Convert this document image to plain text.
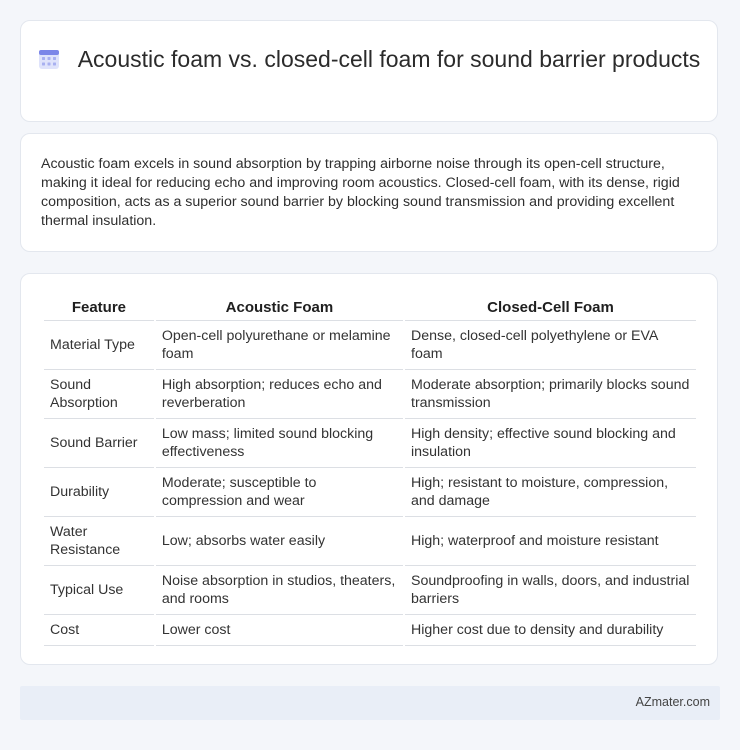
Acoustic foam vs. closed-cell foam for sound barrier products
Acoustic foam excels in sound absorption by trapping airborne noise through its open-cell structure, making it ideal for reducing echo and improving room acoustics. Closed-cell foam, with its dense, rigid composition, acts as a superior sound barrier by blocking sound transmission and providing excellent thermal insulation.
Feature	Acoustic Foam	Closed-Cell Foam
Material Type	Open-cell polyurethane or melamine foam	Dense, closed-cell polyethylene or EVA foam
Sound Absorption	High absorption; reduces echo and reverberation	Moderate absorption; primarily blocks sound transmission
Sound Barrier	Low mass; limited sound blocking effectiveness	High density; effective sound blocking and insulation
Durability	Moderate; susceptible to compression and wear	High; resistant to moisture, compression, and damage
Water Resistance	Low; absorbs water easily	High; waterproof and moisture resistant
Typical Use	Noise absorption in studios, theaters, and rooms	Soundproofing in walls, doors, and industrial barriers
Cost	Lower cost	Higher cost due to density and durability
AZmater.com
